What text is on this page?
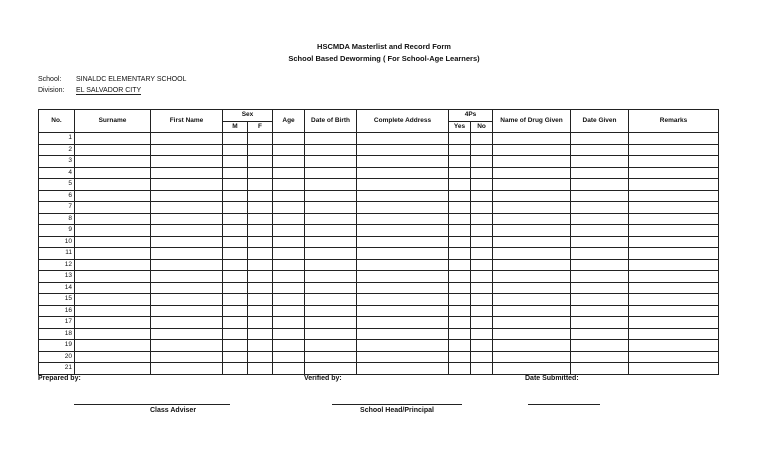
HSCMDA Masterlist and Record Form
School Based Deworming ( For School-Age Learners)
School: SINALDC ELEMENTARY SCHOOL
Division: EL SALVADOR CITY
No.	Surname	First Name	Sex		Age	Date of Birth	Complete Address	4Ps		Name of Drug Given	Date Given	Remarks
			M	F				Yes	No			
1												
2												
3												
4												
5												
6												
7												
8												
9												
10												
11												
12												
13												
14												
15												
16												
17												
18												
19												
20												
21												
Prepared by:	Verified by:	Date Submitted:
Class Adviser	School Head/Principal
